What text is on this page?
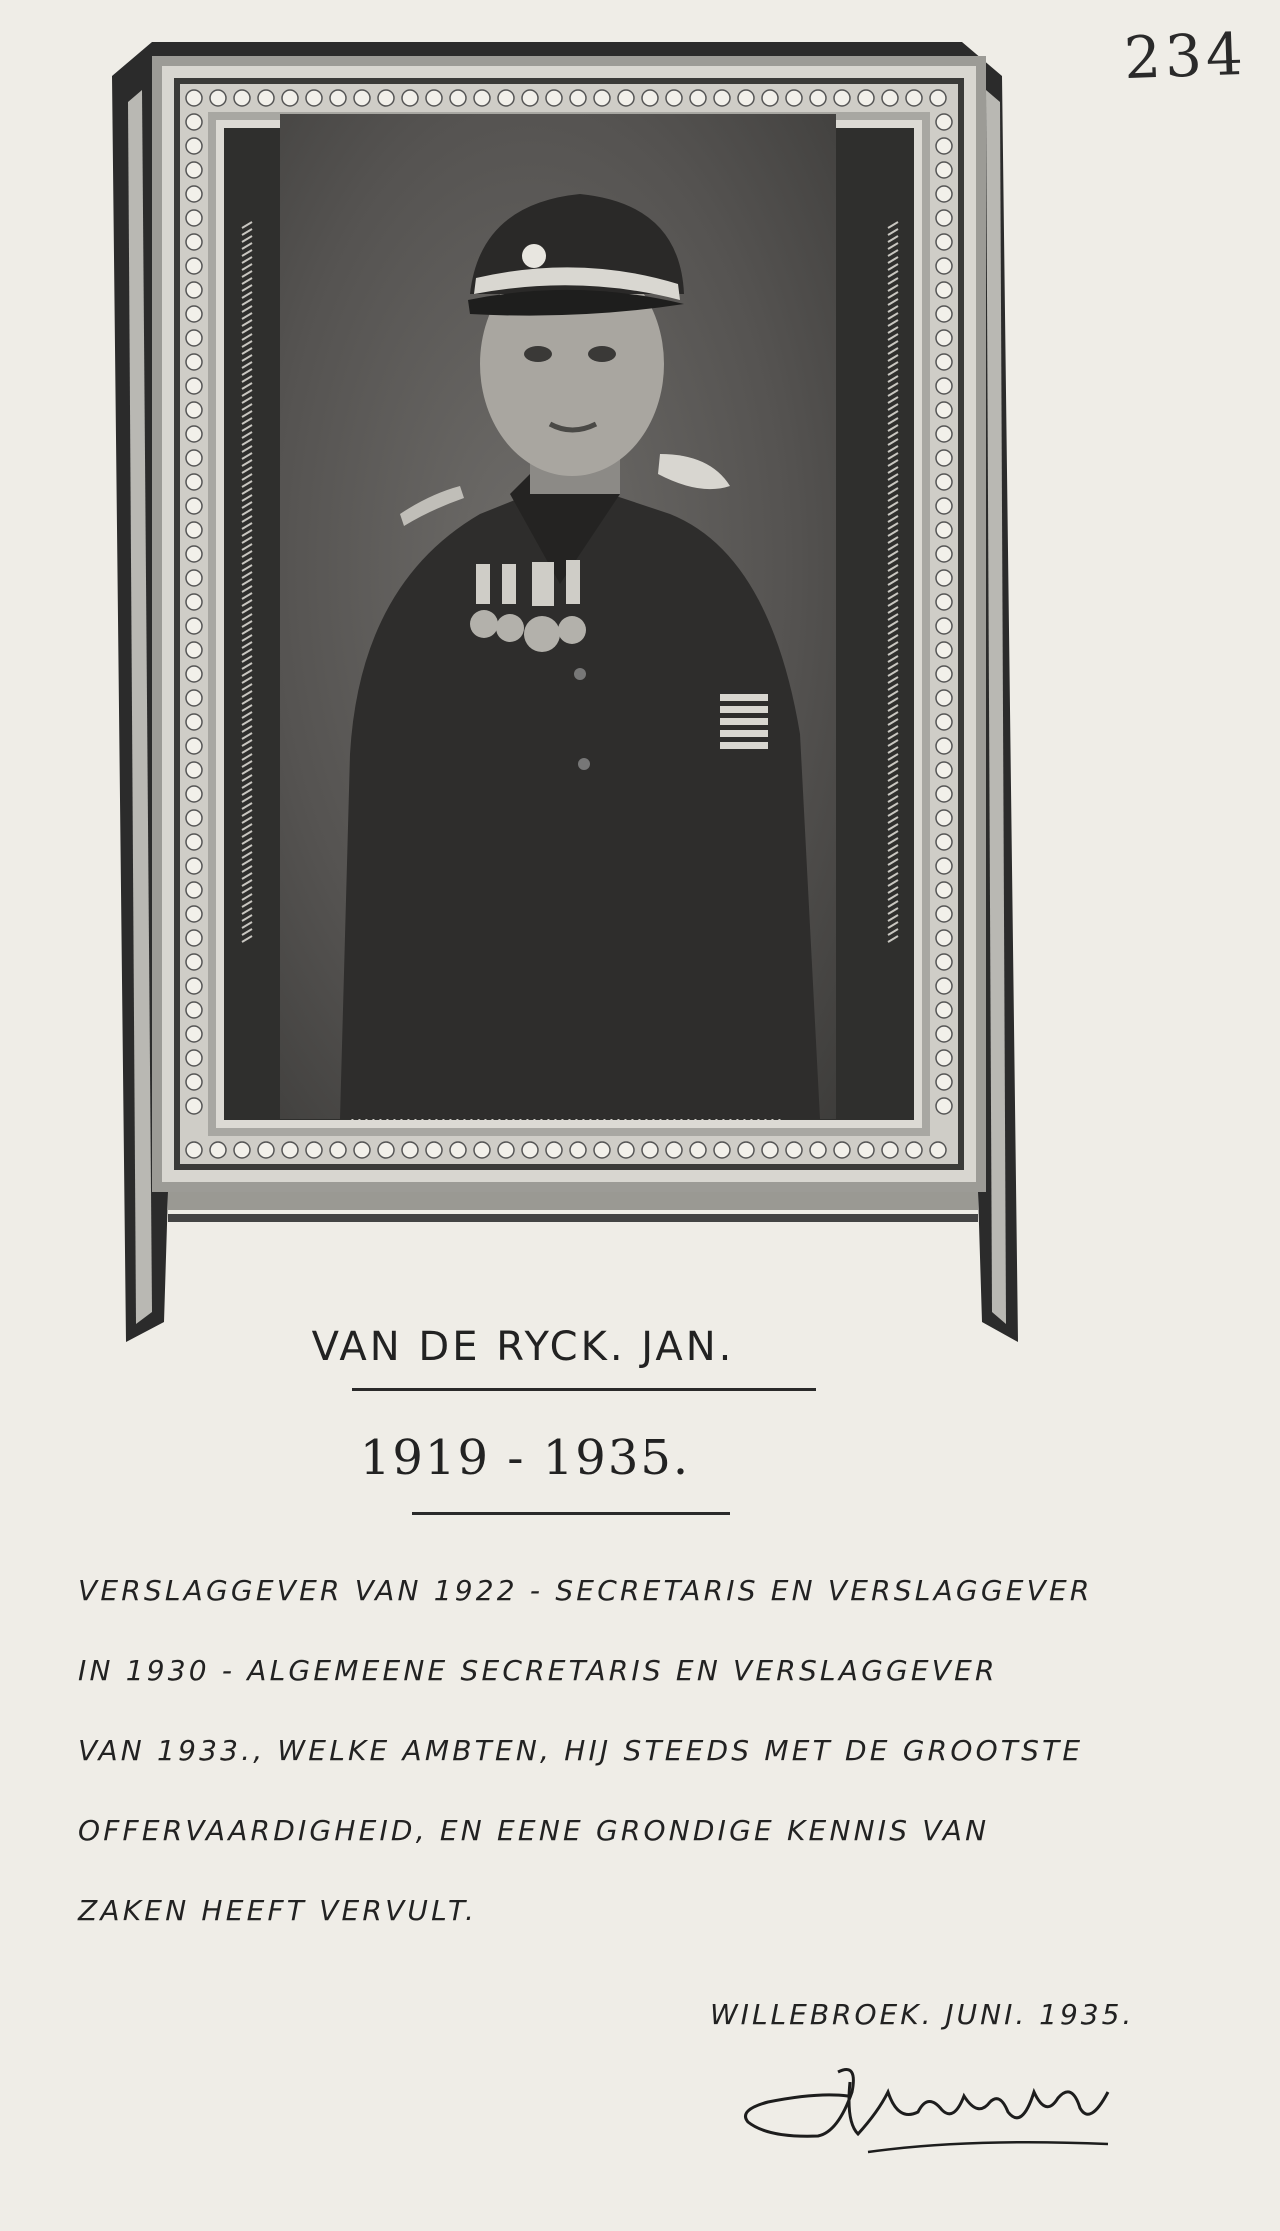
234
VAN DE RYCK. JAN.
1919 - 1935.
VERSLAGGEVER VAN 1922 - SECRETARIS EN VERSLAGGEVER
IN 1930 - ALGEMEENE SECRETARIS EN VERSLAGGEVER
VAN 1933., WELKE AMBTEN, HIJ STEEDS MET DE GROOTSTE
OFFERVAARDIGHEID, EN EENE GRONDIGE KENNIS VAN
ZAKEN HEEFT VERVULT.
WILLEBROEK. JUNI. 1935.
